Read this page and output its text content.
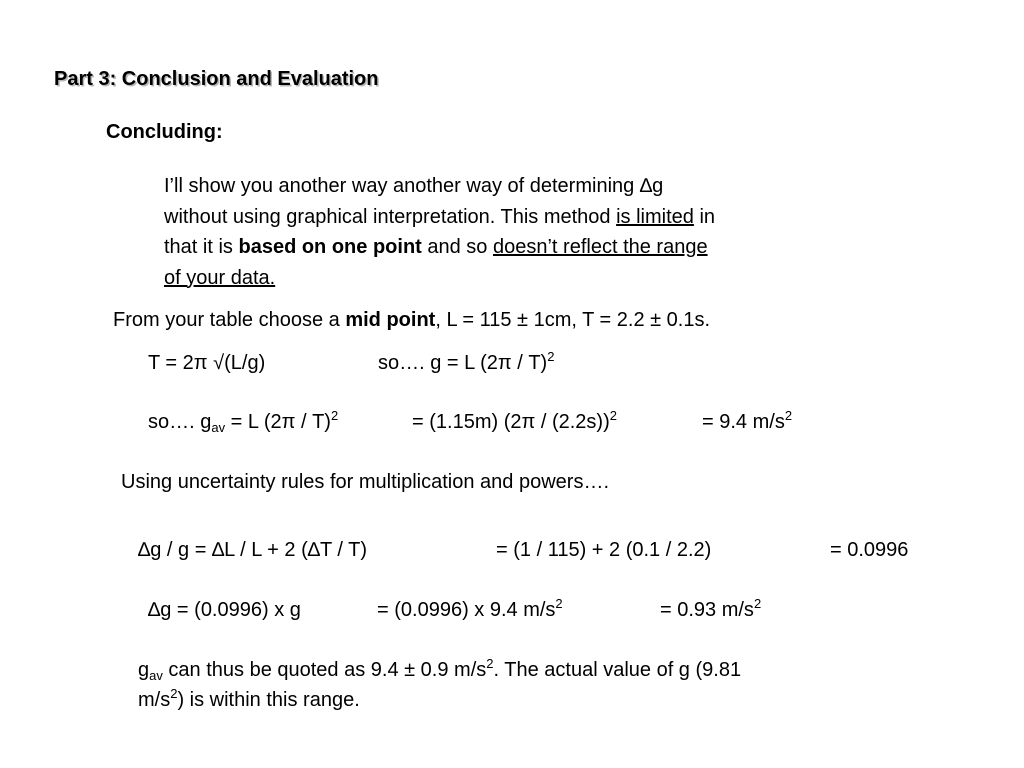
Part 3: Conclusion and Evaluation
Concluding:
I’ll show you another way another way of determining ∆g
without using graphical interpretation. This method is limited in
that it is based on one point and so doesn’t reflect the range
of your data.
From your table choose a mid point, L = 115 ± 1cm, T = 2.2 ± 0.1s.
T = 2π √(L/g)	so…. g = L (2π / T)$^2$
so…. $g_{av} = L$ (2π / T)$^2$	= (1.15m) (2π / (2.2s))$^2$	= 9.4 $m/s^2$
Using uncertainty rules for multiplication and powers….
∆g / g = ∆L / L + 2 (∆T / T)	= (1 / 115) + 2 (0.1 / 2.2)	= 0.0996
∆g = (0.0996) x g	= (0.0996) x 9.4 $m/s^2$	= 0.93 $m/s^2$
$g_{av}$ can thus be quoted as 9.4 ± 0.9 $m/s^2$. The actual value of g (9.81
$m/s^2$) is within this range.
